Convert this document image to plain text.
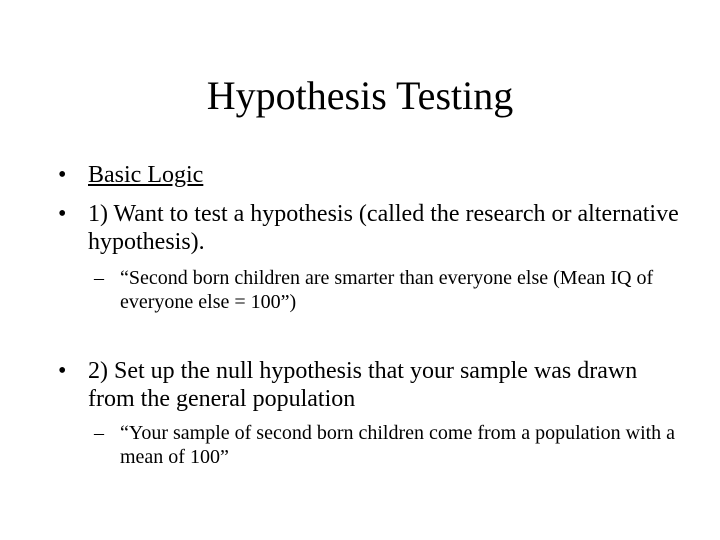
Hypothesis Testing
• Basic Logic
• 1) Want to test a hypothesis (called the research or alternative hypothesis).
– “Second born children are smarter than everyone else (Mean IQ of everyone else = 100”)
• 2) Set up the null hypothesis that your sample was drawn from the general population
– “Your sample of second born children come from a population with a mean of 100”
